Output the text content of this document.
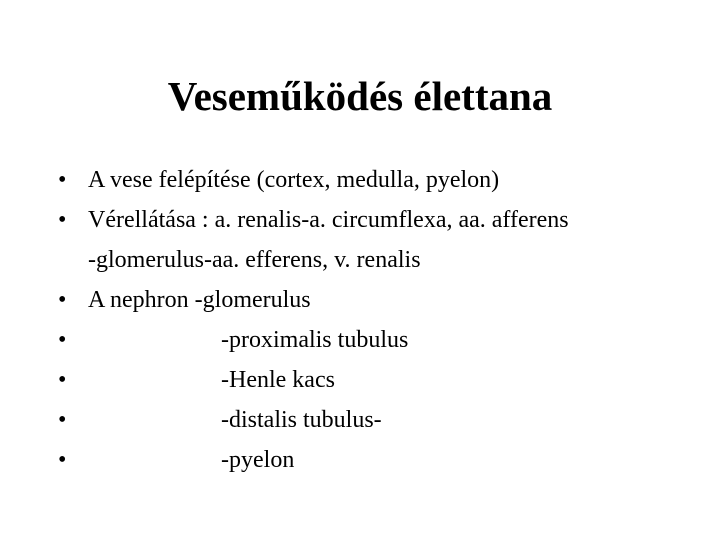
Veseműködés élettana
• A vese felépítése (cortex, medulla, pyelon)
• Vérellátása : a. renalis-a. circumflexa, aa. afferens
-glomerulus-aa. efferens, v. renalis
• A nephron -glomerulus
•	-proximalis tubulus
•	-Henle kacs
•	-distalis tubulus-
•	-pyelon
